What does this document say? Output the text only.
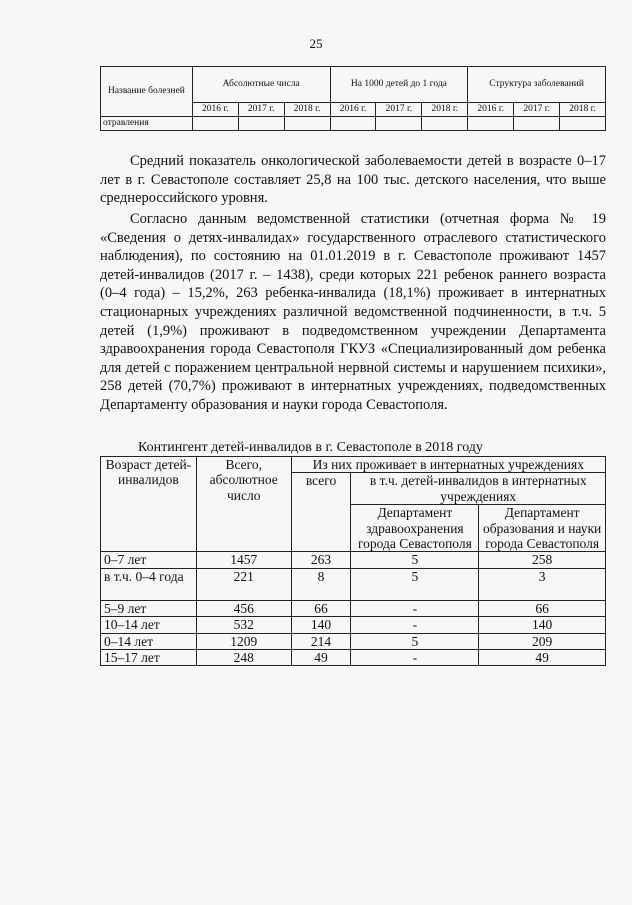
25
Название болезней	Абсолютные числа			На 1000 детей до 1 года			Структура заболеваний		
	2016 г.	2017 г.	2018 г.	2016 г.	2017 г.	2018 г.	2016 г.	2017 г.	2018 г.
отравления									

Средний показатель онкологической заболеваемости детей в возрасте 0–17 лет в г. Севастополе составляет 25,8 на 100 тыс. детского населения, что выше среднероссийского уровня.

Согласно данным ведомственной статистики (отчетная форма № 19 «Сведения о детях-инвалидах» государственного отраслевого статистического наблюдения), по состоянию на 01.01.2019 в г. Севастополе проживают 1457 детей-инвалидов (2017 г. – 1438), среди которых 221 ребенок раннего возраста (0–4 года) – 15,2%, 263 ребенка-инвалида (18,1%) проживает в интернатных стационарных учреждениях различной ведомственной подчиненности, в т.ч. 5 детей (1,9%) проживают в подведомственном учреждении Департамента здравоохранения города Севастополя ГКУЗ «Специализированный дом ребенка для детей с поражением центральной нервной системы и нарушением психики», 258 детей (70,7%) проживают в интернатных учреждениях, подведомственных Департаменту образования и науки города Севастополя.

Контингент детей-инвалидов в г. Севастополе в 2018 году
Возраст детей-инвалидов	Всего, абсолютное число	Из них проживает в интернатных учреждениях		
		всего	в т.ч. детей-инвалидов в интернатных учреждениях	
			Департамент здравоохранения города Севастополя	Департамент образования и науки города Севастополя
0–7 лет	1457	263	5	258
в т.ч. 0–4 года	221	8	5	3
5–9 лет	456	66	-	66
10–14 лет	532	140	-	140
0–14 лет	1209	214	5	209
15–17 лет	248	49	-	49
